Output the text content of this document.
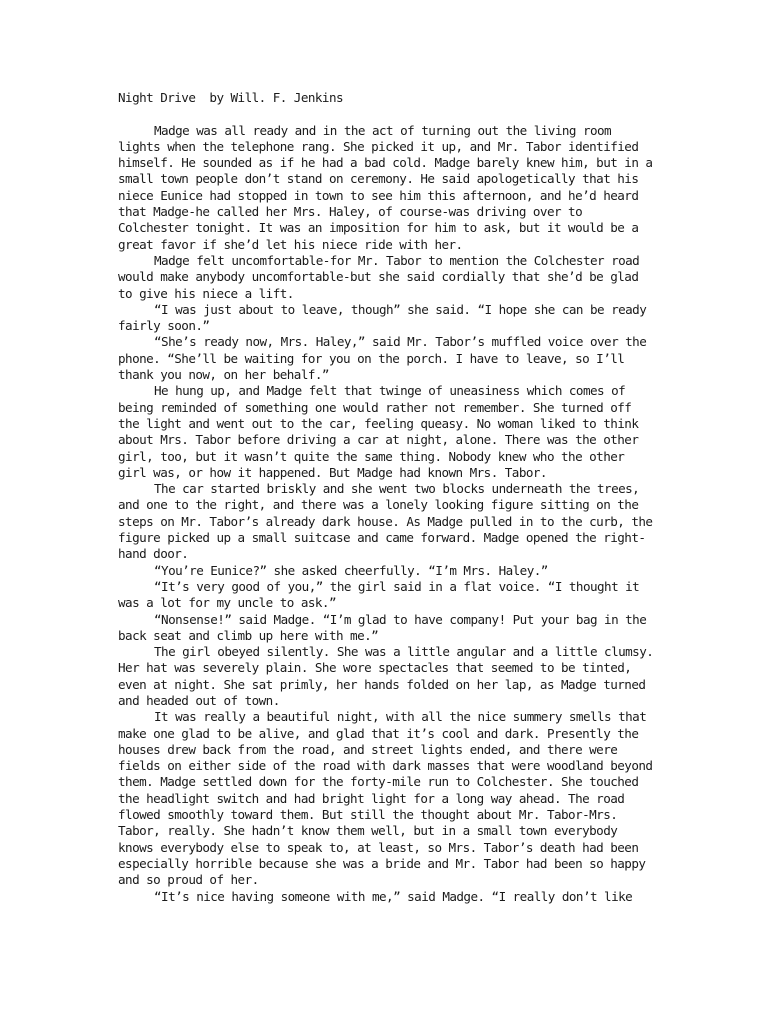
Night Drive  by Will. F. Jenkins

Madge was all ready and in the act of turning out the living room lights when the telephone rang. She picked it up, and Mr. Tabor identified himself. He sounded as if he had a bad cold. Madge barely knew him, but in a small town people don’t stand on ceremony. He said apologetically that his niece Eunice had stopped in town to see him this afternoon, and he’d heard that Madge-he called her Mrs. Haley, of course-was driving over to Colchester tonight. It was an imposition for him to ask, but it would be a great favor if she’d let his niece ride with her.

Madge felt uncomfortable-for Mr. Tabor to mention the Colchester road would make anybody uncomfortable-but she said cordially that she’d be glad to give his niece a lift.

“I was just about to leave, though” she said. “I hope she can be ready fairly soon.”

“She’s ready now, Mrs. Haley,” said Mr. Tabor’s muffled voice over the phone. “She’ll be waiting for you on the porch. I have to leave, so I’ll thank you now, on her behalf.”

He hung up, and Madge felt that twinge of uneasiness which comes of being reminded of something one would rather not remember. She turned off the light and went out to the car, feeling queasy. No woman liked to think about Mrs. Tabor before driving a car at night, alone. There was the other girl, too, but it wasn’t quite the same thing. Nobody knew who the other girl was, or how it happened. But Madge had known Mrs. Tabor.

The car started briskly and she went two blocks underneath the trees, and one to the right, and there was a lonely looking figure sitting on the steps on Mr. Tabor’s already dark house. As Madge pulled in to the curb, the figure picked up a small suitcase and came forward. Madge opened the right-hand door.

“You’re Eunice?” she asked cheerfully. “I’m Mrs. Haley.”

“It’s very good of you,” the girl said in a flat voice. “I thought it was a lot for my uncle to ask.”

“Nonsense!” said Madge. “I’m glad to have company! Put your bag in the back seat and climb up here with me.”

The girl obeyed silently. She was a little angular and a little clumsy. Her hat was severely plain. She wore spectacles that seemed to be tinted, even at night. She sat primly, her hands folded on her lap, as Madge turned and headed out of town.

It was really a beautiful night, with all the nice summery smells that make one glad to be alive, and glad that it’s cool and dark. Presently the houses drew back from the road, and street lights ended, and there were fields on either side of the road with dark masses that were woodland beyond them. Madge settled down for the forty-mile run to Colchester. She touched the headlight switch and had bright light for a long way ahead. The road flowed smoothly toward them. But still the thought about Mr. Tabor-Mrs. Tabor, really. She hadn’t know them well, but in a small town everybody knows everybody else to speak to, at least, so Mrs. Tabor’s death had been especially horrible because she was a bride and Mr. Tabor had been so happy and so proud of her.

“It’s nice having someone with me,” said Madge. “I really don’t like
